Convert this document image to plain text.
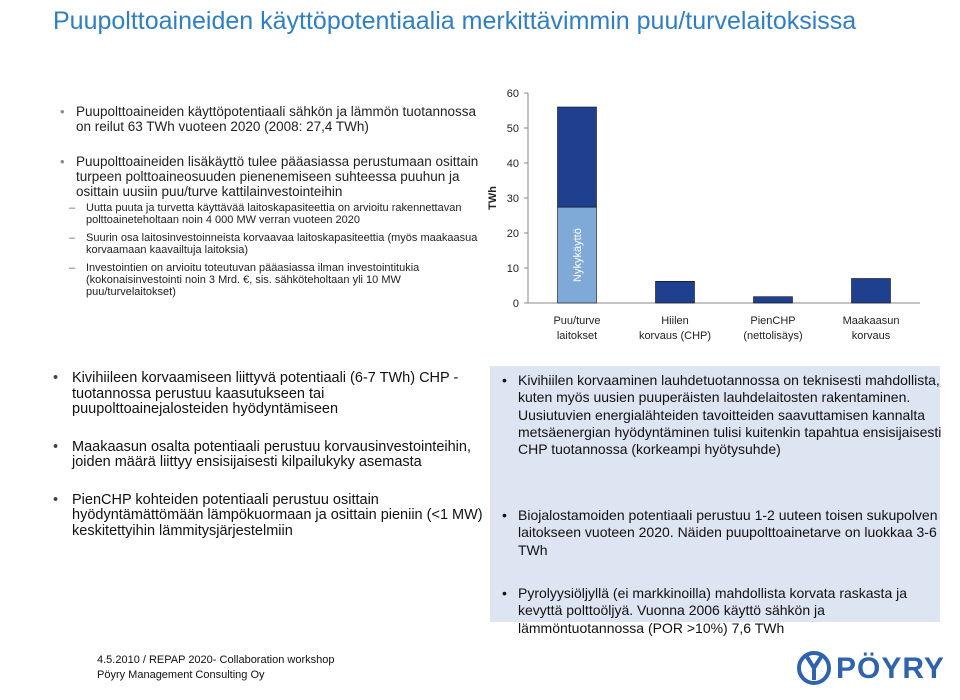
Puupolttoaineiden käyttöpotentiaalia merkittävimmin puu/turvelaitoksissa
• Puupolttoaineiden käyttöpotentiaali sähkön ja lämmön tuotannossa on reilut 63 TWh vuoteen 2020 (2008: 27,4 TWh)
• Puupolttoaineiden lisäkäyttö tulee pääasiassa perustumaan osittain turpeen polttoaineosuuden pienenemiseen suhteessa puuhun ja osittain uusiin puu/turve kattilainvestointeihin
– Uutta puuta ja turvetta käyttävää laitoskapasiteettia on arvioitu rakennettavan polttoaineteholtaan noin 4 000 MW verran vuoteen 2020
– Suurin osa laitosinvestoinneista korvaavaa laitoskapasiteettia (myös maakaasua korvaamaan kaavailtuja laitoksia)
– Investointien on arvioitu toteutuvan pääasiassa ilman investointitukia (kokonaisinvestointi noin 3 Mrd. €, sis. sähköteholtaan yli 10 MW puu/turvelaitokset)
0
10
20
30
40
50
60
TWh
Puu/turve
laitokset
Hiilen
korvaus (CHP)
PienCHP
(nettolisäys)
Maakaasun
korvaus
Nykykäyttö
• Kivihiileen korvaamiseen liittyvä potentiaali (6-7 TWh) CHP -tuotannossa perustuu kaasutukseen tai puupolttoainejalosteiden hyödyntämiseen
• Maakaasun osalta potentiaali perustuu korvausinvestointeihin, joiden määrä liittyy ensisijaisesti kilpailukyky asemasta
• PienCHP kohteiden potentiaali perustuu osittain hyödyntämättömään lämpökuormaan ja osittain pieniin (<1 MW) keskitettyihin lämmitysjärjestelmiin
• Kivihiilen korvaaminen lauhdetuotannossa on teknisesti mahdollista, kuten myös uusien puuperäisten lauhdelaitosten rakentaminen. Uusiutuvien energialähteiden tavoitteiden saavuttamisen kannalta metsäenergian hyödyntäminen tulisi kuitenkin tapahtua ensisijaisesti CHP tuotannossa (korkeampi hyötysuhde)
• Biojalostamoiden potentiaali perustuu 1-2 uuteen toisen sukupolven laitokseen vuoteen 2020. Näiden puupolttoainetarve on luokkaa 3-6 TWh
• Pyrolyysiöljyllä (ei markkinoilla) mahdollista korvata raskasta ja kevyttä polttoöljyä. Vuonna 2006 käyttö sähkön ja lämmöntuotannossa (POR >10%) 7,6 TWh
4.5.2010 / REPAP 2020- Collaboration workshop
Pöyry Management Consulting Oy	PÖYRY
